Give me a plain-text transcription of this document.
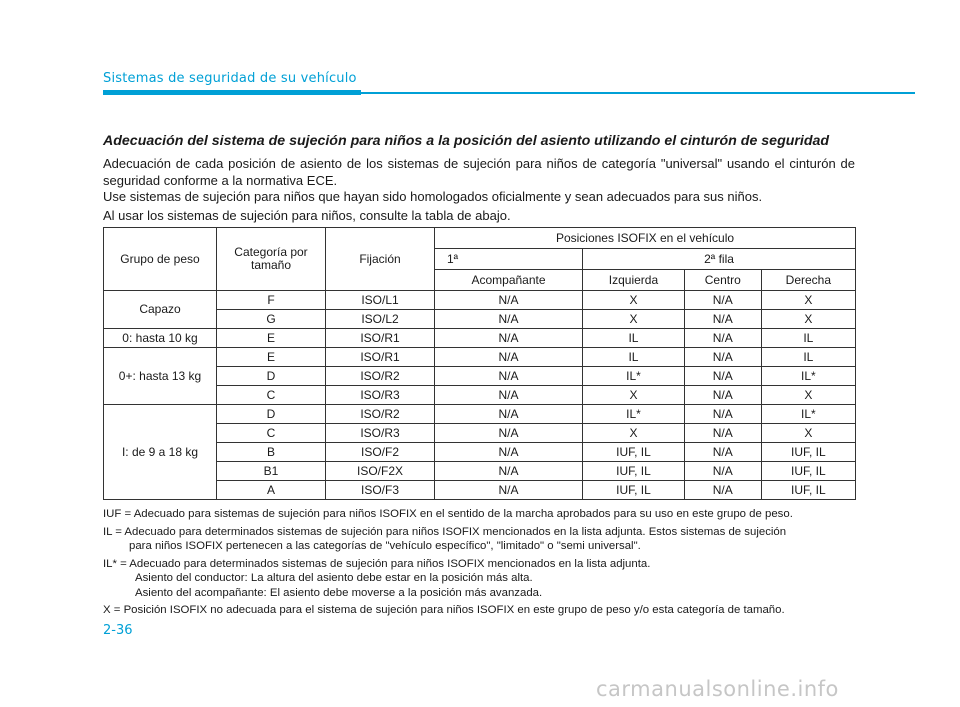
Sistemas de seguridad de su vehículo
Adecuación del sistema de sujeción para niños a la posición del asiento utilizando el cinturón de seguridad

Adecuación de cada posición de asiento de los sistemas de sujeción para niños de categoría "universal" usando el cinturón de seguridad conforme a la normativa ECE.

Use sistemas de sujeción para niños que hayan sido homologados oficialmente y sean adecuados para sus niños.

Al usar los sistemas de sujeción para niños, consulte la tabla de abajo.

Grupo de peso	Categoría por tamaño	Fijación	Posiciones ISOFIX en el vehículo			
			1ª	2ª fila		
			Acompañante	Izquierda	Centro	Derecha
Capazo	F	ISO/L1	N/A	X	N/A	X
	G	ISO/L2	N/A	X	N/A	X
0: hasta 10 kg	E	ISO/R1	N/A	IL	N/A	IL
0+: hasta 13 kg	E	ISO/R1	N/A	IL	N/A	IL
	D	ISO/R2	N/A	IL*	N/A	IL*
	C	ISO/R3	N/A	X	N/A	X
I: de 9 a 18 kg	D	ISO/R2	N/A	IL*	N/A	IL*
	C	ISO/R3	N/A	X	N/A	X
	B	ISO/F2	N/A	IUF, IL	N/A	IUF, IL
	B1	ISO/F2X	N/A	IUF, IL	N/A	IUF, IL
	A	ISO/F3	N/A	IUF, IL	N/A	IUF, IL

IUF = Adecuado para sistemas de sujeción para niños ISOFIX en el sentido de la marcha aprobados para su uso en este grupo de peso.

IL = Adecuado para determinados sistemas de sujeción para niños ISOFIX mencionados en la lista adjunta. Estos sistemas de sujeción

para niños ISOFIX pertenecen a las categorías de "vehículo específico", "limitado" o "semi universal".

IL* = Adecuado para determinados sistemas de sujeción para niños ISOFIX mencionados en la lista adjunta.

Asiento del conductor: La altura del asiento debe estar en la posición más alta.

Asiento del acompañante: El asiento debe moverse a la posición más avanzada.

X = Posición ISOFIX no adecuada para el sistema de sujeción para niños ISOFIX en este grupo de peso y/o esta categoría de tamaño.

2-36
carmanualsonline.info
